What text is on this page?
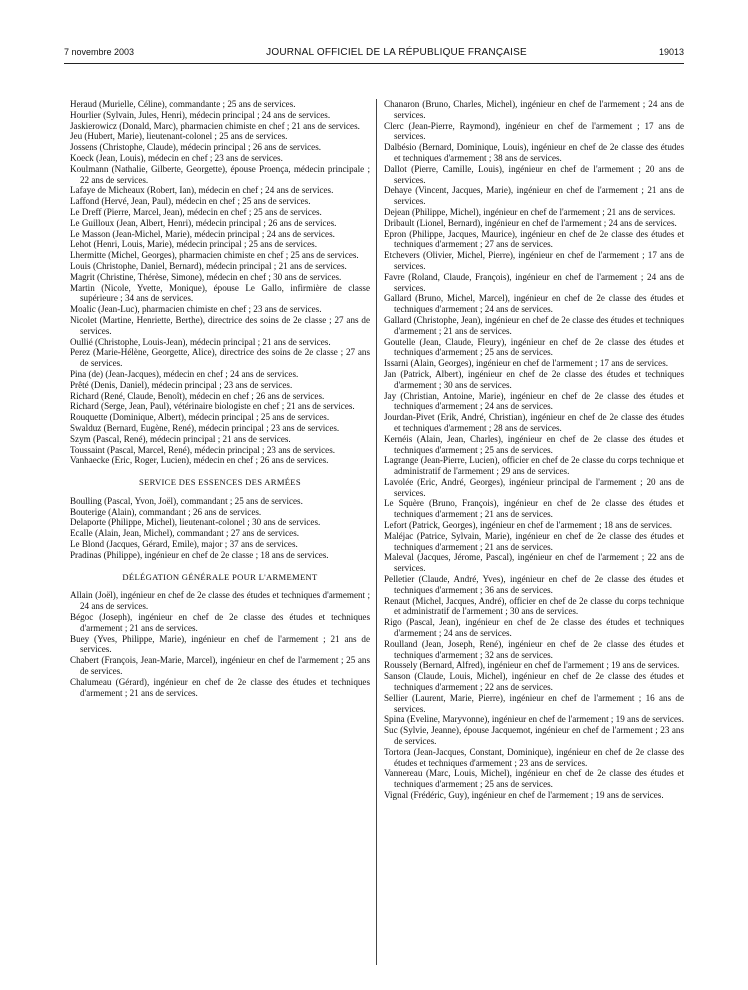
7 novembre 2003	JOURNAL OFFICIEL DE LA RÉPUBLIQUE FRANÇAISE	19013

Heraud (Murielle, Céline), commandante ; 25 ans de services.

Hourlier (Sylvain, Jules, Henri), médecin principal ; 24 ans de services.

Jaskierowicz (Donald, Marc), pharmacien chimiste en chef ; 21 ans de services.

Jeu (Hubert, Marie), lieutenant-colonel ; 25 ans de services.

Jossens (Christophe, Claude), médecin principal ; 26 ans de services.

Koeck (Jean, Louis), médecin en chef ; 23 ans de services.

Koulmann (Nathalie, Gilberte, Georgette), épouse Proença, médecin principale ; 22 ans de services.

Lafaye de Micheaux (Robert, Ian), médecin en chef ; 24 ans de services.

Laffond (Hervé, Jean, Paul), médecin en chef ; 25 ans de services.

Le Dreff (Pierre, Marcel, Jean), médecin en chef ; 25 ans de services.

Le Guilloux (Jean, Albert, Henri), médecin principal ; 26 ans de services.

Le Masson (Jean-Michel, Marie), médecin principal ; 24 ans de services.

Lehot (Henri, Louis, Marie), médecin principal ; 25 ans de services.

Lhermitte (Michel, Georges), pharmacien chimiste en chef ; 25 ans de services.

Louis (Christophe, Daniel, Bernard), médecin principal ; 21 ans de services.

Magrit (Christine, Thérèse, Simone), médecin en chef ; 30 ans de services.

Martin (Nicole, Yvette, Monique), épouse Le Gallo, infirmière de classe supérieure ; 34 ans de services.

Moalic (Jean-Luc), pharmacien chimiste en chef ; 23 ans de services.

Nicolet (Martine, Henriette, Berthe), directrice des soins de 2e classe ; 27 ans de services.

Oullié (Christophe, Louis-Jean), médecin principal ; 21 ans de services.

Perez (Marie-Hélène, Georgette, Alice), directrice des soins de 2e classe ; 27 ans de services.

Pina (de) (Jean-Jacques), médecin en chef ; 24 ans de services.

Prêté (Denis, Daniel), médecin principal ; 23 ans de services.

Richard (René, Claude, Benoît), médecin en chef ; 26 ans de services.

Richard (Serge, Jean, Paul), vétérinaire biologiste en chef ; 21 ans de services.

Rouquette (Dominique, Albert), médecin principal ; 25 ans de services.

Swalduz (Bernard, Eugène, René), médecin principal ; 23 ans de services.

Szym (Pascal, René), médecin principal ; 21 ans de services.

Toussaint (Pascal, Marcel, René), médecin principal ; 23 ans de services.

Vanhaecke (Eric, Roger, Lucien), médecin en chef ; 26 ans de services.

SERVICE DES ESSENCES DES ARMÉES

Boulling (Pascal, Yvon, Joël), commandant ; 25 ans de services.

Bouterige (Alain), commandant ; 26 ans de services.

Delaporte (Philippe, Michel), lieutenant-colonel ; 30 ans de services.

Ecalle (Alain, Jean, Michel), commandant ; 27 ans de services.

Le Blond (Jacques, Gérard, Emile), major ; 37 ans de services.

Pradinas (Philippe), ingénieur en chef de 2e classe ; 18 ans de services.

DÉLÉGATION GÉNÉRALE POUR L'ARMEMENT

Allain (Joël), ingénieur en chef de 2e classe des études et techniques d'armement ; 24 ans de services.

Bégoc (Joseph), ingénieur en chef de 2e classe des études et techniques d'armement ; 21 ans de services.

Buey (Yves, Philippe, Marie), ingénieur en chef de l'armement ; 21 ans de services.

Chabert (François, Jean-Marie, Marcel), ingénieur en chef de l'armement ; 25 ans de services.

Chalumeau (Gérard), ingénieur en chef de 2e classe des études et techniques d'armement ; 21 ans de services.

Chanaron (Bruno, Charles, Michel), ingénieur en chef de l'armement ; 24 ans de services.

Clerc (Jean-Pierre, Raymond), ingénieur en chef de l'armement ; 17 ans de services.

Dalbésio (Bernard, Dominique, Louis), ingénieur en chef de 2e classe des études et techniques d'armement ; 38 ans de services.

Dallot (Pierre, Camille, Louis), ingénieur en chef de l'armement ; 20 ans de services.

Dehaye (Vincent, Jacques, Marie), ingénieur en chef de l'armement ; 21 ans de services.

Dejean (Philippe, Michel), ingénieur en chef de l'armement ; 21 ans de services.

Dribault (Lionel, Bernard), ingénieur en chef de l'armement ; 24 ans de services.

Epron (Philippe, Jacques, Maurice), ingénieur en chef de 2e classe des études et techniques d'armement ; 27 ans de services.

Etchevers (Olivier, Michel, Pierre), ingénieur en chef de l'armement ; 17 ans de services.

Favre (Roland, Claude, François), ingénieur en chef de l'armement ; 24 ans de services.

Gallard (Bruno, Michel, Marcel), ingénieur en chef de 2e classe des études et techniques d'armement ; 24 ans de services.

Gallard (Christophe, Jean), ingénieur en chef de 2e classe des études et techniques d'armement ; 21 ans de services.

Goutelle (Jean, Claude, Fleury), ingénieur en chef de 2e classe des études et techniques d'armement ; 25 ans de services.

Issarni (Alain, Georges), ingénieur en chef de l'armement ; 17 ans de services.

Jan (Patrick, Albert), ingénieur en chef de 2e classe des études et techniques d'armement ; 30 ans de services.

Jay (Christian, Antoine, Marie), ingénieur en chef de 2e classe des études et techniques d'armement ; 24 ans de services.

Jourdan-Pivet (Erik, André, Christian), ingénieur en chef de 2e classe des études et techniques d'armement ; 28 ans de services.

Kernéis (Alain, Jean, Charles), ingénieur en chef de 2e classe des études et techniques d'armement ; 25 ans de services.

Lagrange (Jean-Pierre, Lucien), officier en chef de 2e classe du corps technique et administratif de l'armement ; 29 ans de services.

Lavolée (Eric, André, Georges), ingénieur principal de l'armement ; 20 ans de services.

Le Squère (Bruno, François), ingénieur en chef de 2e classe des études et techniques d'armement ; 21 ans de services.

Lefort (Patrick, Georges), ingénieur en chef de l'armement ; 18 ans de services.

Maléjac (Patrice, Sylvain, Marie), ingénieur en chef de 2e classe des études et techniques d'armement ; 21 ans de services.

Maleval (Jacques, Jérome, Pascal), ingénieur en chef de l'armement ; 22 ans de services.

Pelletier (Claude, André, Yves), ingénieur en chef de 2e classe des études et techniques d'armement ; 36 ans de services.

Renaut (Michel, Jacques, André), officier en chef de 2e classe du corps technique et administratif de l'armement ; 30 ans de services.

Rigo (Pascal, Jean), ingénieur en chef de 2e classe des études et techniques d'armement ; 24 ans de services.

Roulland (Jean, Joseph, René), ingénieur en chef de 2e classe des études et techniques d'armement ; 32 ans de services.

Roussely (Bernard, Alfred), ingénieur en chef de l'armement ; 19 ans de services.

Sanson (Claude, Louis, Michel), ingénieur en chef de 2e classe des études et techniques d'armement ; 22 ans de services.

Sellier (Laurent, Marie, Pierre), ingénieur en chef de l'armement ; 16 ans de services.

Spina (Eveline, Maryvonne), ingénieur en chef de l'armement ; 19 ans de services.

Suc (Sylvie, Jeanne), épouse Jacquemot, ingénieur en chef de l'armement ; 23 ans de services.

Tortora (Jean-Jacques, Constant, Dominique), ingénieur en chef de 2e classe des études et techniques d'armement ; 23 ans de services.

Vannereau (Marc, Louis, Michel), ingénieur en chef de 2e classe des études et techniques d'armement ; 25 ans de services.

Vignal (Frédéric, Guy), ingénieur en chef de l'armement ; 19 ans de services.
